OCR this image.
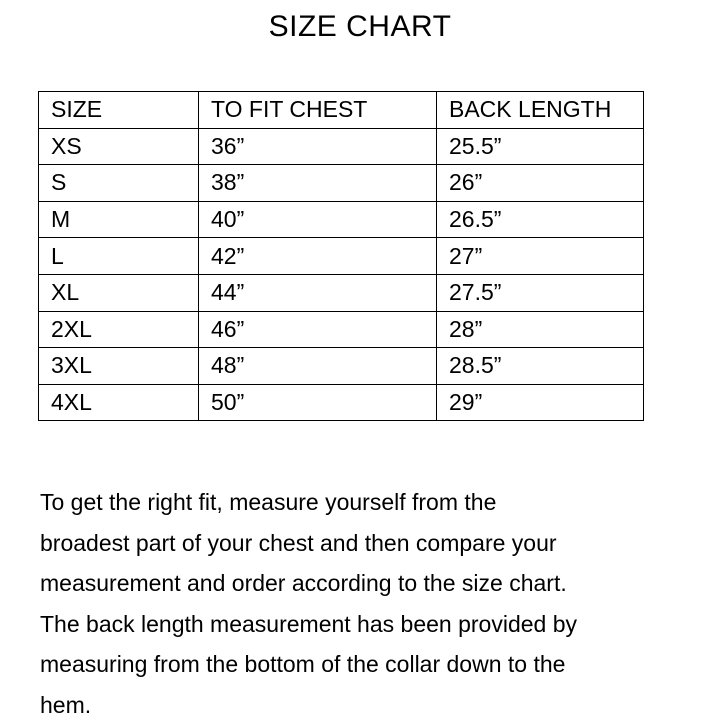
SIZE CHART
SIZE	TO FIT CHEST	BACK LENGTH
XS	36”	25.5”
S	38”	26”
M	40”	26.5”
L	42”	27”
XL	44”	27.5”
2XL	46”	28”
3XL	48”	28.5”
4XL	50”	29”

To get the right fit, measure yourself from the
broadest part of your chest and then compare your
measurement and order according to the size chart.
The back length measurement has been provided by
measuring from the bottom of the collar down to the
hem.
